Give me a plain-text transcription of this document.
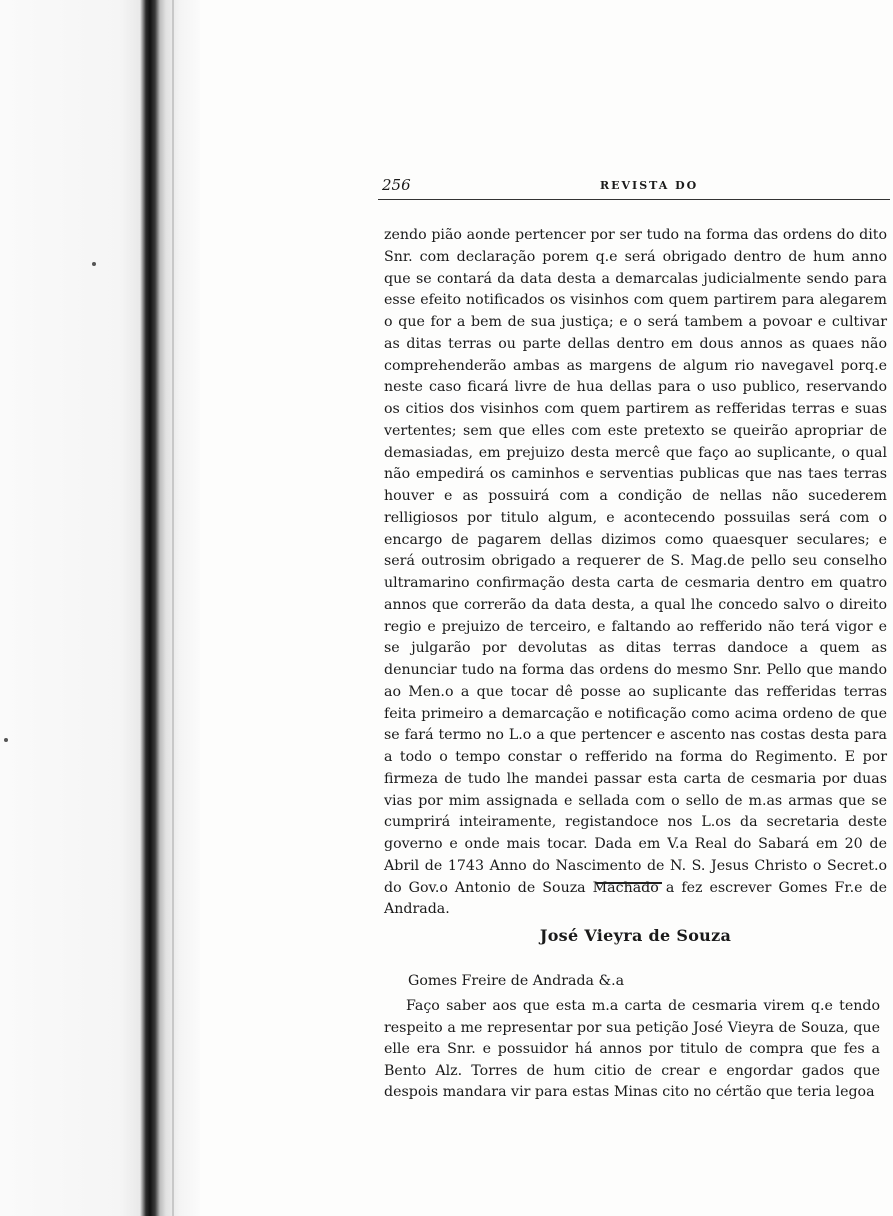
256	REVISTA DO

zendo pião aonde pertencer por ser tudo na forma das ordens do dito Snr. com declaração porem q.e será obrigado dentro de hum anno que se contará da data desta a demarcalas judicialmente sendo para esse efeito notificados os visinhos com quem partirem para alegarem o que for a bem de sua justiça; e o será tambem a povoar e cultivar as ditas terras ou parte dellas dentro em dous annos as quaes não comprehenderão ambas as margens de algum rio navegavel porq.e neste caso ficará livre de hua dellas para o uso publico, reservando os citios dos visinhos com quem partirem as refferidas terras e suas vertentes; sem que elles com este pretexto se queirão apropriar de demasiadas, em prejuizo desta mercê que faço ao suplicante, o qual não empedirá os caminhos e serventias publicas que nas taes terras houver e as possuirá com a condição de nellas não sucederem relligiosos por titulo algum, e acontecendo possuilas será com o encargo de pagarem dellas dizimos como quaesquer seculares; e será outrosim obrigado a requerer de S. Mag.de pello seu conselho ultramarino confirmação desta carta de cesmaria dentro em quatro annos que correrão da data desta, a qual lhe concedo salvo o direito regio e prejuizo de terceiro, e faltando ao refferido não terá vigor e se julgarão por devolutas as ditas terras dandoce a quem as denunciar tudo na forma das ordens do mesmo Snr. Pello que mando ao Men.o a que tocar dê posse ao suplicante das refferidas terras feita primeiro a demarcação e notificação como acima ordeno de que se fará termo no L.o a que pertencer e asсento nas costas desta para a todo o tempo constar o refferido na forma do Regimento. E por firmeza de tudo lhe mandei passar esta carta de cesmaria por duas vias por mim assignada e sellada com o sello de m.as armas que se cumprirá inteiramente, registandoce nos L.os da secretaria deste governo e onde mais tocar. Dada em V.a Real do Sabará em 20 de Abril de 1743 Anno do Nascimento de N. S. Jesus Christo o Secret.o do Gov.o Antonio de Souza Machado a fez escrever Gomes Fr.e de Andrada.

José Vieyra de Souza

Gomes Freire de Andrada &.a

Faço saber aos que esta m.a carta de cesmaria virem q.e tendo respeito a me representar por sua petição José Vieyra de Souza, que elle era Snr. e possuidor há annos por titulo de compra que fes a Bento Alz. Torres de hum citio de crear e engordar gados que despois mandara vir para estas Minas cito no cértão que teria legoa
